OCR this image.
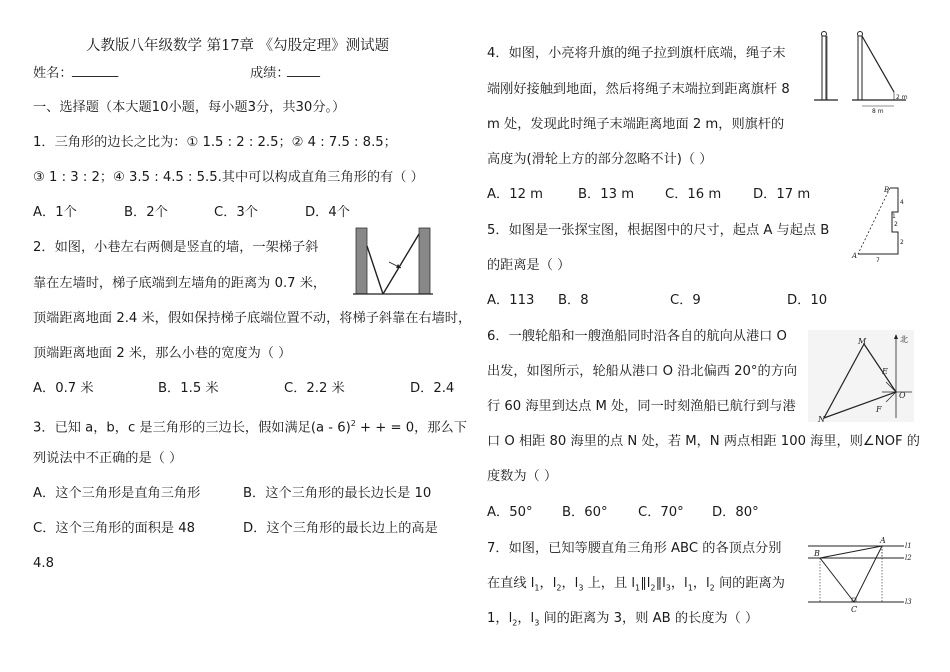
人教版八年级数学 第17章 《勾股定理》测试题
姓名： _______	成绩：
_____
一、选择题（本大题10小题，每小题3分，共30分。）
1．三角形的边长之比为：① 1.5 : 2 : 2.5；② 4 : 7.5 : 8.5；
③ 1 : 3 : 2；④ 3.5 : 4.5 : 5.5.其中可以构成直角三角形的有（ ）
A．1个	B．2个	C．3个	D．4个
2．如图，小巷左右两侧是竖直的墙，一架梯子斜
靠在左墙时，梯子底端到左墙角的距离为 0.7 米，
顶端距离地面 2.4 米，假如保持梯子底端位置不动，将梯子斜靠在右墙时，
顶端距离地面 2 米，那么小巷的宽度为（ ）
A．0.7 米	B．1.5 米	C．2.2 米	D．2.4
3．已知 a，b，c 是三角形的三边长，假如满足(a - 6)$^2$ + + = 0，那么下
列说法中不正确的是（ ）
A．这个三角形是直角三角形	B．这个三角形的最长边长是 10
C．这个三角形的面积是 48	D．这个三角形的最长边上的高是
4.8
4．如图，小亮将升旗的绳子拉到旗杆底端，绳子末
端刚好接触到地面，然后将绳子末端拉到距离旗杆 8
m 处，发现此时绳子末端距离地面 2 m，则旗杆的
高度为(滑轮上方的部分忽略不计)（ ）
A．12 m	B．13 m C．16 m D．17 m
2 m
8 m
5．如图是一张探宝图，根据图中的尺寸，起点 A 与起点 B
的距离是（ ）
A．113 B．8	C．9	D．10
B
A
4
2
1
2
7
6．一艘轮船和一艘渔船同时沿各自的航向从港口 O
出发，如图所示，轮船从港口 O 沿北偏西 20°的方向
行 60 海里到达点 M 处，同一时刻渔船已航行到与港
口 O 相距 80 海里的点 N 处，若 M，N 两点相距 100 海里，则∠NOF 的
度数为（ ）
A．50° B．60° C．70° D．80°
北
M
E
O
F
N
7．如图，已知等腰直角三角形 ABC 的各顶点分别
在直线 $l_1$，$l_2$，$l_3$ 上，且 $l_1\parallel l_2\parallel l_3$，$l_1$，$l_2$ 间的距离为
1，$l_2$，$l_3$ 间的距离为 3，则 AB 的长度为（ ）
A
B
C
l1
l2
l3
